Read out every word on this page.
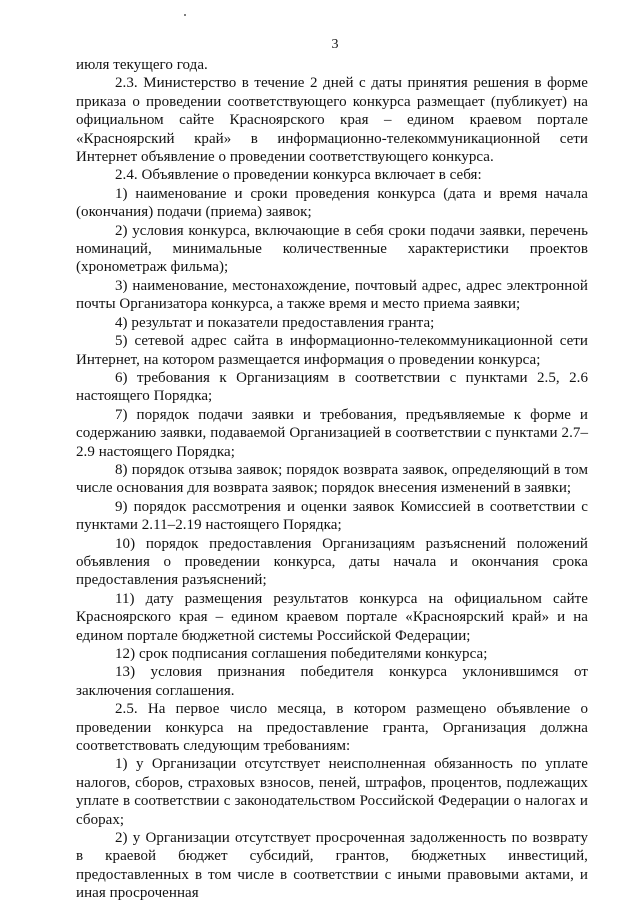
3

июля текущего года.

2.3. Министерство в течение 2 дней с даты принятия решения в форме приказа о проведении соответствующего конкурса размещает (публикует) на официальном сайте Красноярского края – едином краевом портале «Красноярский край» в информационно-телекоммуникационной сети Интернет объявление о проведении соответствующего конкурса.

2.4. Объявление о проведении конкурса включает в себя:

1) наименование и сроки проведения конкурса (дата и время начала (окончания) подачи (приема) заявок;

2) условия конкурса, включающие в себя сроки подачи заявки, перечень номинаций, минимальные количественные характеристики проектов (хронометраж фильма);

3) наименование, местонахождение, почтовый адрес, адрес электронной почты Организатора конкурса, а также время и место приема заявки;

4) результат и показатели предоставления гранта;

5) сетевой адрес сайта в информационно-телекоммуникационной сети Интернет, на котором размещается информация о проведении конкурса;

6) требования к Организациям в соответствии с пунктами 2.5, 2.6 настоящего Порядка;

7) порядок подачи заявки и требования, предъявляемые к форме и содержанию заявки, подаваемой Организацией в соответствии с пунктами 2.7–2.9 настоящего Порядка;

8) порядок отзыва заявок; порядок возврата заявок, определяющий в том числе основания для возврата заявок; порядок внесения изменений в заявки;

9) порядок рассмотрения и оценки заявок Комиссией в соответствии с пунктами 2.11–2.19 настоящего Порядка;

10) порядок предоставления Организациям разъяснений положений объявления о проведении конкурса, даты начала и окончания срока предоставления разъяснений;

11) дату размещения результатов конкурса на официальном сайте Красноярского края – едином краевом портале «Красноярский край» и на едином портале бюджетной системы Российской Федерации;

12) срок подписания соглашения победителями конкурса;

13) условия признания победителя конкурса уклонившимся от заключения соглашения.

2.5. На первое число месяца, в котором размещено объявление о проведении конкурса на предоставление гранта, Организация должна соответствовать следующим требованиям:

1) у Организации отсутствует неисполненная обязанность по уплате налогов, сборов, страховых взносов, пеней, штрафов, процентов, подлежащих уплате в соответствии с законодательством Российской Федерации о налогах и сборах;

2) у Организации отсутствует просроченная задолженность по возврату в краевой бюджет субсидий, грантов, бюджетных инвестиций, предоставленных в том числе в соответствии с иными правовыми актами, и иная просроченная
